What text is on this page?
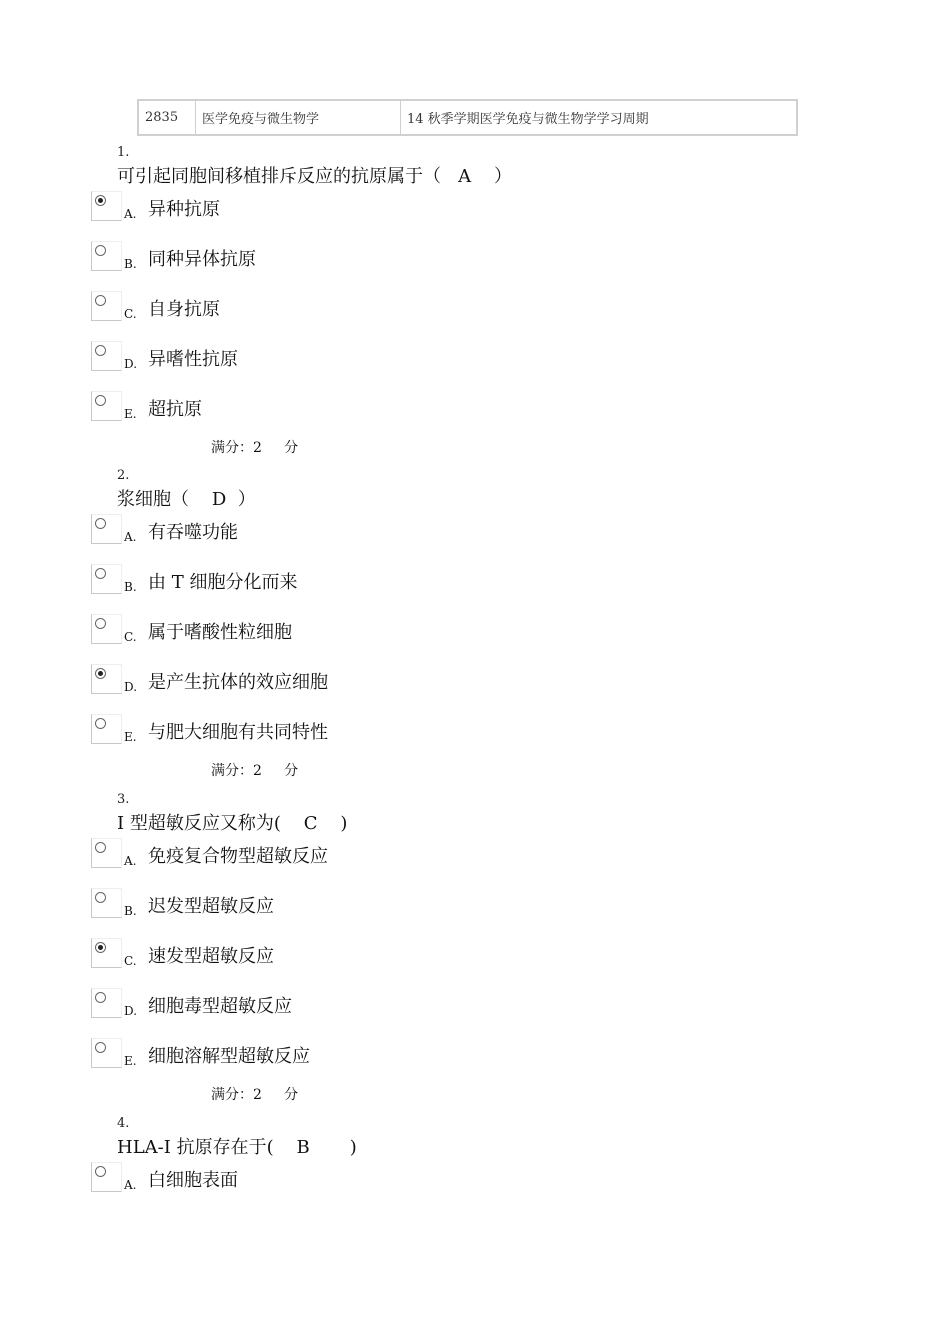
2835	医学免疫与微生物学	14 秋季学期医学免疫与微生物学学习周期
1.
可引起同胞间移植排斥反应的抗原属于（   A    ）
A. 异种抗原
B. 同种异体抗原
C. 自身抗原
D. 异嗜性抗原
E. 超抗原
满分：2     分
2.
浆细胞（    D  ）
A. 有吞噬功能
B. 由 T 细胞分化而来
C. 属于嗜酸性粒细胞
D. 是产生抗体的效应细胞
E. 与肥大细胞有共同特性
满分：2     分
3.
I 型超敏反应又称为(    C    )
A. 免疫复合物型超敏反应
B. 迟发型超敏反应
C. 速发型超敏反应
D. 细胞毒型超敏反应
E. 细胞溶解型超敏反应
满分：2     分
4.
HLA-I 抗原存在于(    B       )
A. 白细胞表面
